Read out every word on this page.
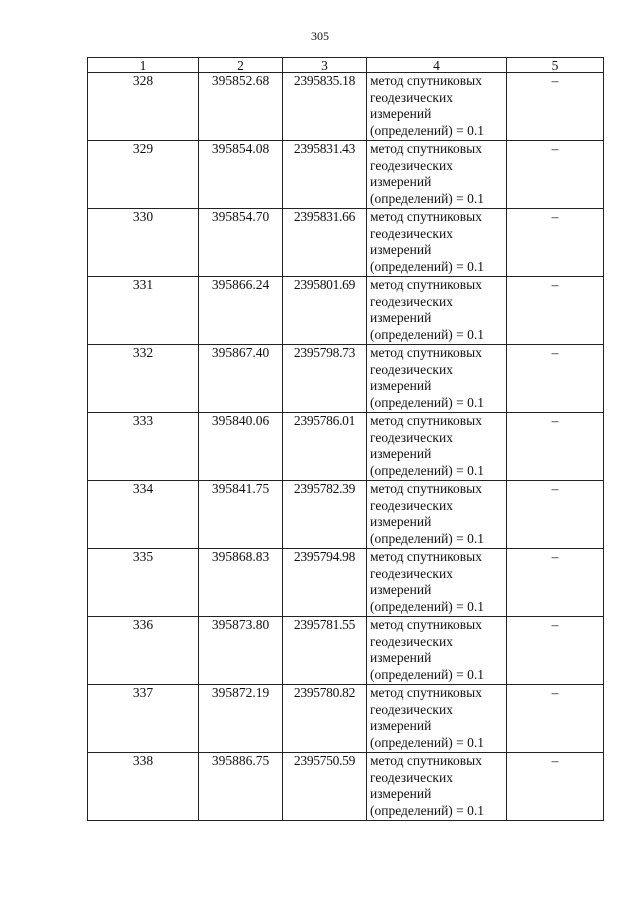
305
1	2	3	4	5
328	395852.68	2395835.18	метод спутниковых
геодезических
измерений
(определений) = 0.1	–
329	395854.08	2395831.43	метод спутниковых
геодезических
измерений
(определений) = 0.1	–
330	395854.70	2395831.66	метод спутниковых
геодезических
измерений
(определений) = 0.1	–
331	395866.24	2395801.69	метод спутниковых
геодезических
измерений
(определений) = 0.1	–
332	395867.40	2395798.73	метод спутниковых
геодезических
измерений
(определений) = 0.1	–
333	395840.06	2395786.01	метод спутниковых
геодезических
измерений
(определений) = 0.1	–
334	395841.75	2395782.39	метод спутниковых
геодезических
измерений
(определений) = 0.1	–
335	395868.83	2395794.98	метод спутниковых
геодезических
измерений
(определений) = 0.1	–
336	395873.80	2395781.55	метод спутниковых
геодезических
измерений
(определений) = 0.1	–
337	395872.19	2395780.82	метод спутниковых
геодезических
измерений
(определений) = 0.1	–
338	395886.75	2395750.59	метод спутниковых
геодезических
измерений
(определений) = 0.1	–
